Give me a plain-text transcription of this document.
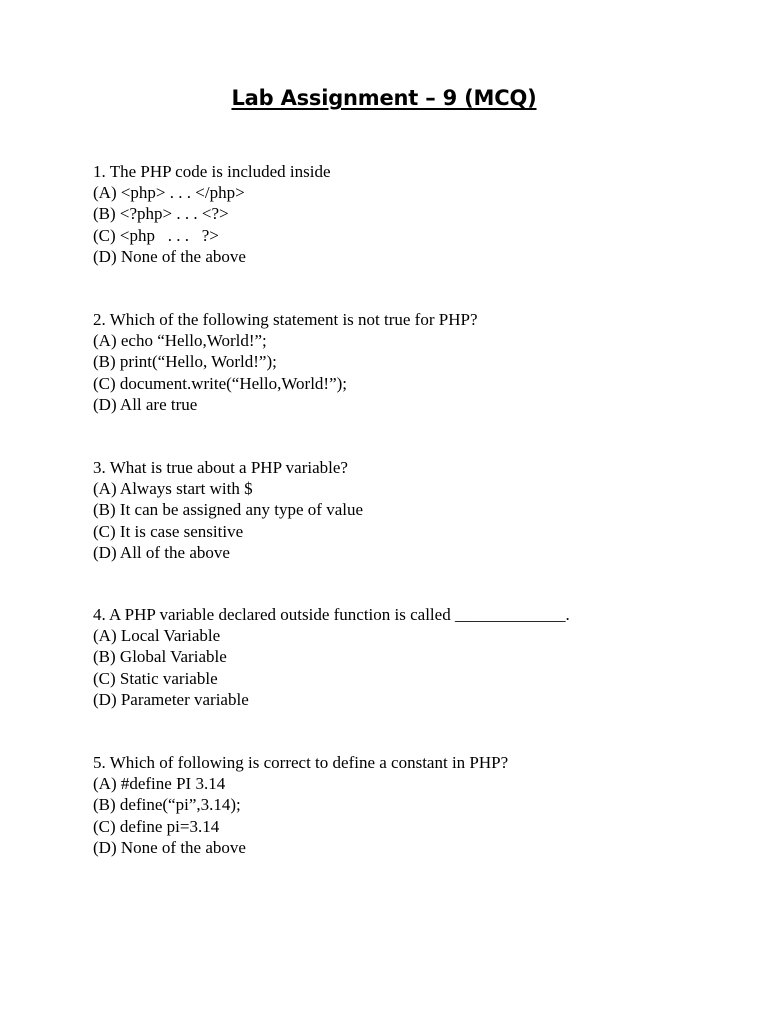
Lab Assignment – 9 (MCQ)
1. The PHP code is included inside
(A) <php> . . . </php>
(B) <?php> . . . <?>
(C) <php   . . .   ?>
(D) None of the above
2. Which of the following statement is not true for PHP?
(A) echo “Hello,World!”;
(B) print(“Hello, World!”);
(C) document.write(“Hello,World!”);
(D) All are true
3. What is true about a PHP variable?
(A) Always start with $
(B) It can be assigned any type of value
(C) It is case sensitive
(D) All of the above
4. A PHP variable declared outside function is called _____________.
(A) Local Variable
(B) Global Variable
(C) Static variable
(D) Parameter variable
5. Which of following is correct to define a constant in PHP?
(A) #define PI 3.14
(B) define(“pi”,3.14);
(C) define pi=3.14
(D) None of the above
